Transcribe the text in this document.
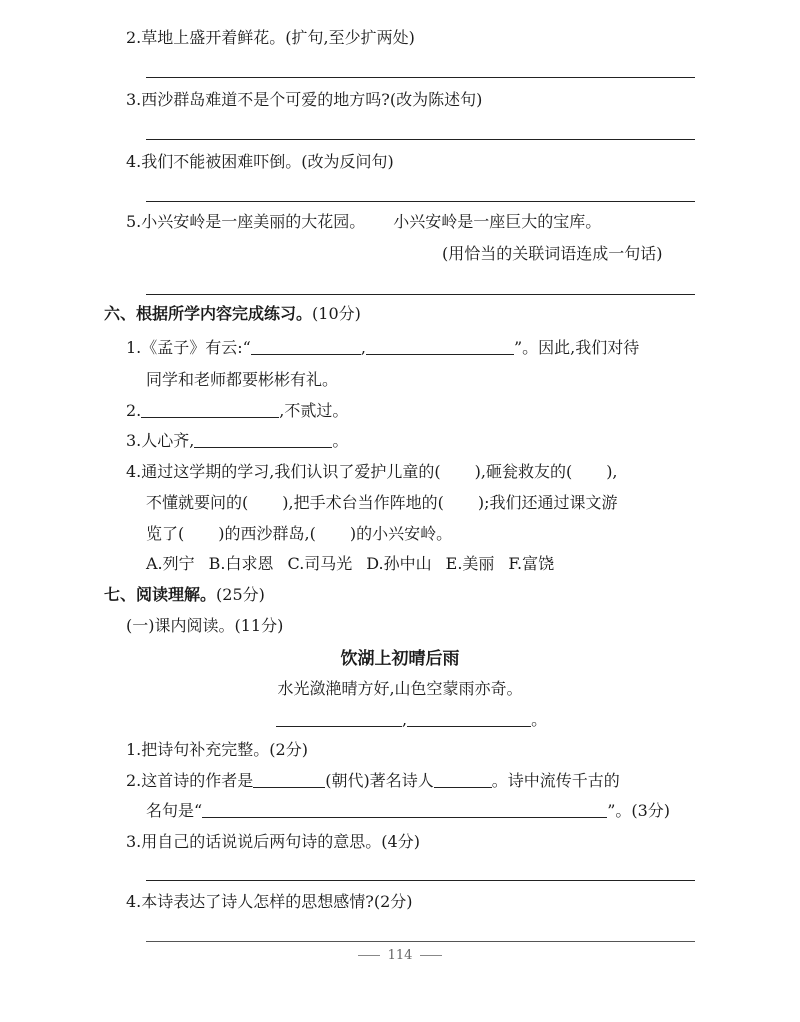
2.草地上盛开着鲜花。(扩句,至少扩两处)
3.西沙群岛难道不是个可爱的地方吗?(改为陈述句)
4.我们不能被困难吓倒。(改为反问句)
5.小兴安岭是一座美丽的大花园。 小兴安岭是一座巨大的宝库。
(用恰当的关联词语连成一句话)
六、根据所学内容完成练习。(10分)
1.《孟子》有云:“	,	”。因此,我们对待
同学和老师都要彬彬有礼。
2.	,不贰过。
3.人心齐,	。
4.通过这学期的学习,我们认识了爱护儿童的( ),砸瓮救友的( ),
不懂就要问的( ),把手术台当作阵地的( );我们还通过课文游
览了( )的西沙群岛,( )的小兴安岭。
A.列宁 B.白求恩 C.司马光 D.孙中山 E.美丽 F.富饶
七、阅读理解。(25分)
(一)课内阅读。(11分)
饮湖上初晴后雨
水光潋滟晴方好,山色空蒙雨亦奇。
,	。
1.把诗句补充完整。(2分)
2.这首诗的作者是	(朝代)著名诗人	。诗中流传千古的
名句是“	”。(3分)
3.用自己的话说说后两句诗的意思。(4分)
4.本诗表达了诗人怎样的思想感情?(2分)
114
